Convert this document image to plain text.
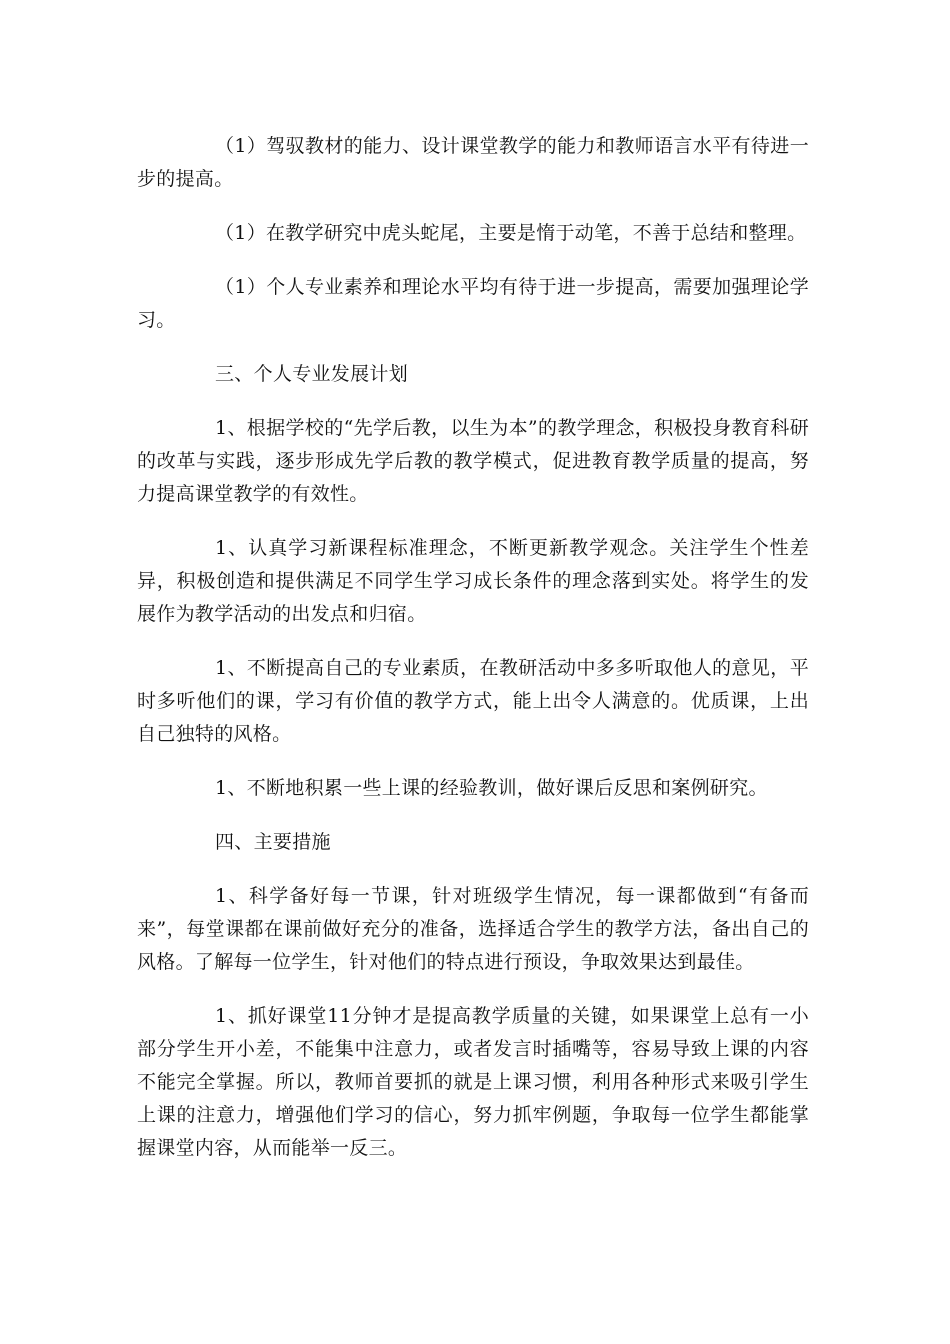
（1）驾驭教材的能力、设计课堂教学的能力和教师语言水平有待进一步的提高。

（1）在教学研究中虎头蛇尾，主要是惰于动笔，不善于总结和整理。

（1）个人专业素养和理论水平均有待于进一步提高，需要加强理论学习。

三、个人专业发展计划

1、根据学校的“先学后教，以生为本”的教学理念，积极投身教育科研的改革与实践，逐步形成先学后教的教学模式，促进教育教学质量的提高，努力提高课堂教学的有效性。

1、认真学习新课程标准理念，不断更新教学观念。关注学生个性差异，积极创造和提供满足不同学生学习成长条件的理念落到实处。将学生的发展作为教学活动的出发点和归宿。

1、不断提高自己的专业素质，在教研活动中多多听取他人的意见，平时多听他们的课，学习有价值的教学方式，能上出令人满意的。优质课，上出自己独特的风格。

1、不断地积累一些上课的经验教训，做好课后反思和案例研究。

四、主要措施

1、科学备好每一节课，针对班级学生情况，每一课都做到“有备而来”，每堂课都在课前做好充分的准备，选择适合学生的教学方法，备出自己的风格。了解每一位学生，针对他们的特点进行预设，争取效果达到最佳。

1、抓好课堂11分钟才是提高教学质量的关键，如果课堂上总有一小部分学生开小差，不能集中注意力，或者发言时插嘴等，容易导致上课的内容不能完全掌握。所以，教师首要抓的就是上课习惯，利用各种形式来吸引学生上课的注意力，增强他们学习的信心，努力抓牢例题，争取每一位学生都能掌握课堂内容，从而能举一反三。
